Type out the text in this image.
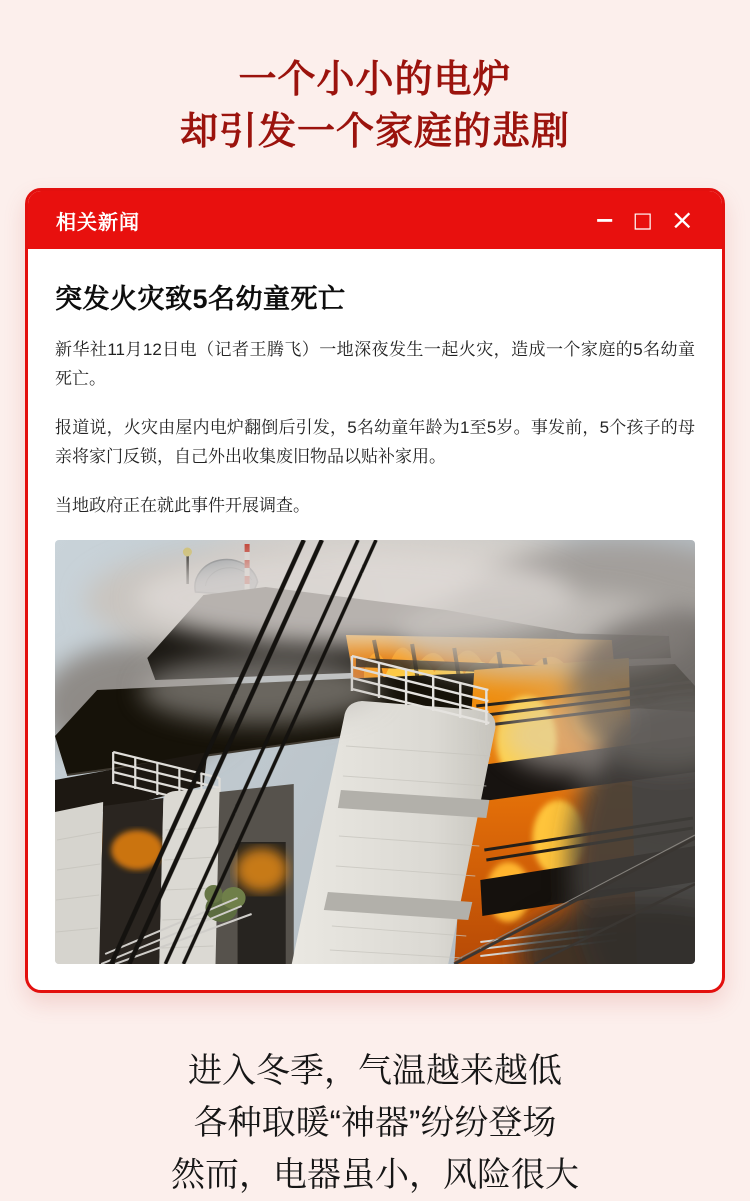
一个小小的电炉
却引发一个家庭的悲剧
相关新闻	− □ ×
突发火灾致5名幼童死亡

新华社11月12日电（记者王腾飞）一地深夜发生一起火灾，造成一个家庭的5名幼童死亡。

报道说，火灾由屋内电炉翻倒后引发，5名幼童年龄为1至5岁。事发前，5个孩子的母亲将家门反锁，自己外出收集废旧物品以贴补家用。

当地政府正在就此事件开展调查。

进入冬季，气温越来越低
各种取暖“神器”纷纷登场
然而，电器虽小，风险很大
